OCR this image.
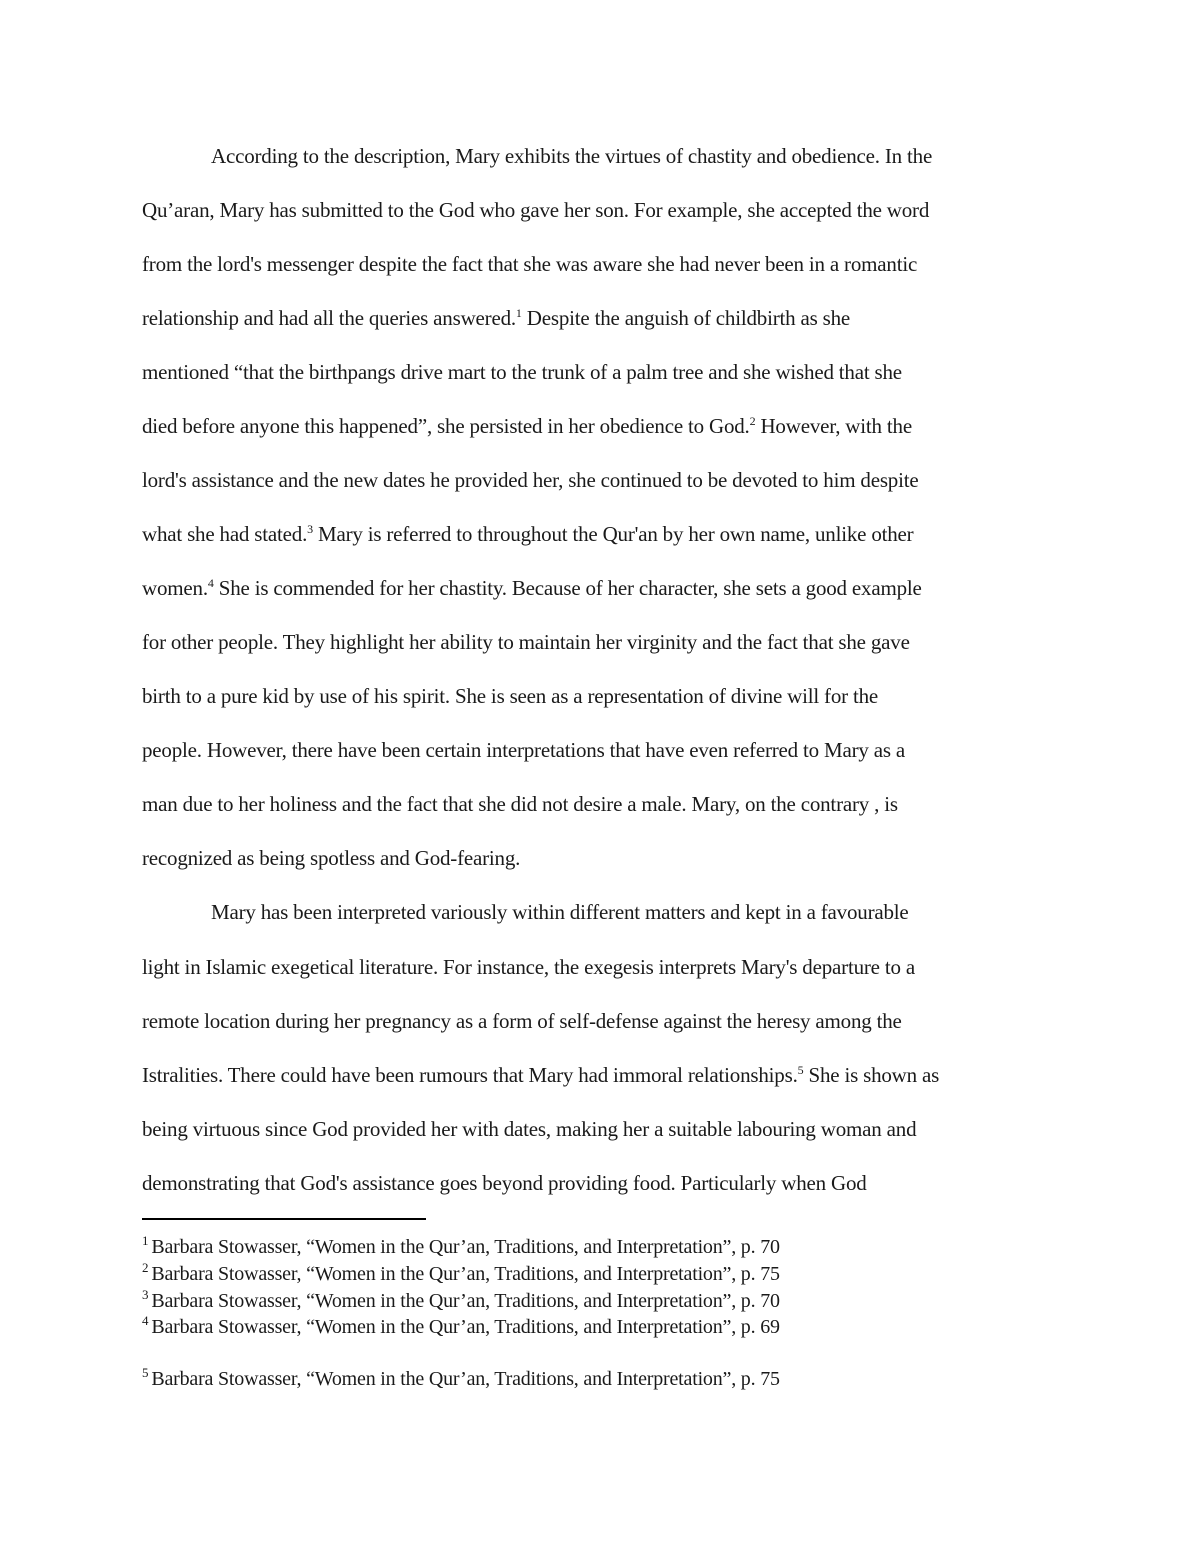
According to the description, Mary exhibits the virtues of chastity and obedience. In the
Qu’aran, Mary has submitted to the God who gave her son. For example, she accepted the word
from the lord's messenger despite the fact that she was aware she had never been in a romantic
relationship and had all the queries answered.$^1$ Despite the anguish of childbirth as she
mentioned “that the birthpangs drive mart to the trunk of a palm tree and she wished that she
died before anyone this happened”, she persisted in her obedience to God.$^2$ However, with the
lord's assistance and the new dates he provided her, she continued to be devoted to him despite
what she had stated.$^3$ Mary is referred to throughout the Qur'an by her own name, unlike other
women.$^4$ She is commended for her chastity. Because of her character, she sets a good example
for other people. They highlight her ability to maintain her virginity and the fact that she gave
birth to a pure kid by use of his spirit. She is seen as a representation of divine will for the
people. However, there have been certain interpretations that have even referred to Mary as a
man due to her holiness and the fact that she did not desire a male. Mary, on the contrary , is
recognized as being spotless and God-fearing.
Mary has been interpreted variously within different matters and kept in a favourable
light in Islamic exegetical literature. For instance, the exegesis interprets Mary's departure to a
remote location during her pregnancy as a form of self-defense against the heresy among the
Istralities. There could have been rumours that Mary had immoral relationships.$^5$ She is shown as
being virtuous since God provided her with dates, making her a suitable labouring woman and
demonstrating that God's assistance goes beyond providing food. Particularly when God
$^1$ Barbara Stowasser, “Women in the Qur’an, Traditions, and Interpretation”, p. 70
$^2$ Barbara Stowasser, “Women in the Qur’an, Traditions, and Interpretation”, p. 75
$^3$ Barbara Stowasser, “Women in the Qur’an, Traditions, and Interpretation”, p. 70
$^4$ Barbara Stowasser, “Women in the Qur’an, Traditions, and Interpretation”, p. 69
$^5$ Barbara Stowasser, “Women in the Qur’an, Traditions, and Interpretation”, p. 75
